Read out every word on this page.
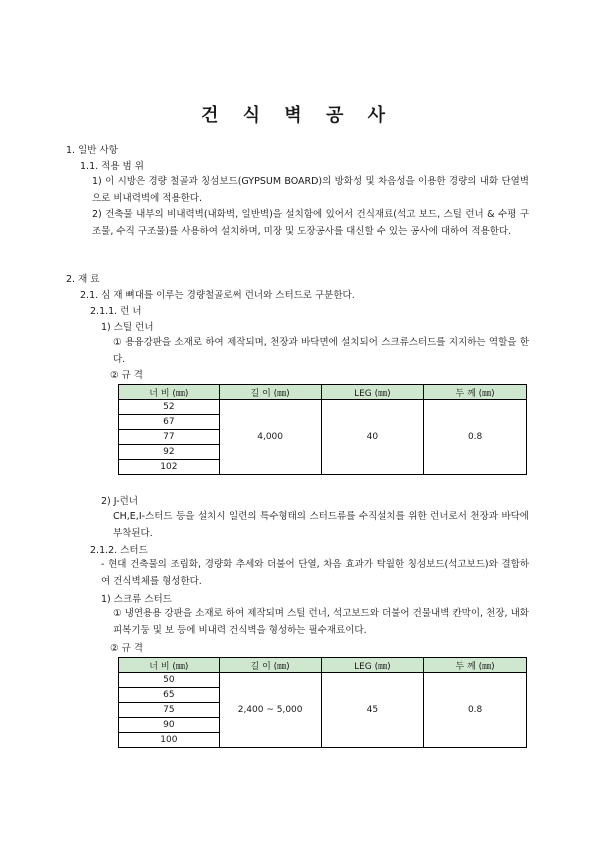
건 식 벽 공 사
1. 일반 사항
1.1. 적용 범 위
1) 이 시방은 경량 철골과 칭섬보드(GYPSUM BOARD)의 방화성 및 차음성을 이용한 경량의 내화 단열벽으로 비내력벽에 적용한다.
2) 건축물 내부의 비내력벽(내화벽, 일반벽)을 설치함에 있어서 건식재료(석고 보드, 스틸 런너 & 수평 구조물, 수직 구조물)를 사용하여 설치하며, 미장 및 도장공사를 대신할 수 있는 공사에 대하여 적용한다.
2. 재 료
2.1. 심 재 뼈대를 이루는 경량철골로써 런너와 스터드로 구분한다.
2.1.1. 런 너
1) 스틸 런너
① 용융강판을 소재로 하여 제작되며, 천장과 바닥면에 설치되어 스크류스터드를 지지하는 역할을 한다.
② 규 격
너 비 (㎜)	길 이 (㎜)	LEG (㎜)	두 께 (㎜)
52	4,000	40	0.8
67			
77			
92			
102			
2) J-런너
CH,E,I-스터드 등을 설치시 일련의 특수형태의 스터드류를 수직설치를 위한 런너로서 천장과 바닥에 부착된다.
2.1.2. 스터드
- 현대 건축물의 조립화, 경량화 추세와 더불어 단열, 차음 효과가 탁월한 칭섬보드(석고보드)와 결합하여 건식벽체를 형성한다.
1) 스크류 스터드
① 냉연용용 강판을 소재로 하여 제작되며 스틸 런너, 석고보드와 더불어 건물내벽 칸막이, 천장, 내화피복기둥 및 보 등에 비내력 건식벽을 형성하는 필수재료이다.
② 규 격
너 비 (㎜)	길 이 (㎜)	LEG (㎜)	두 께 (㎜)
50	2,400 ~ 5,000	45	0.8
65			
75			
90			
100			
